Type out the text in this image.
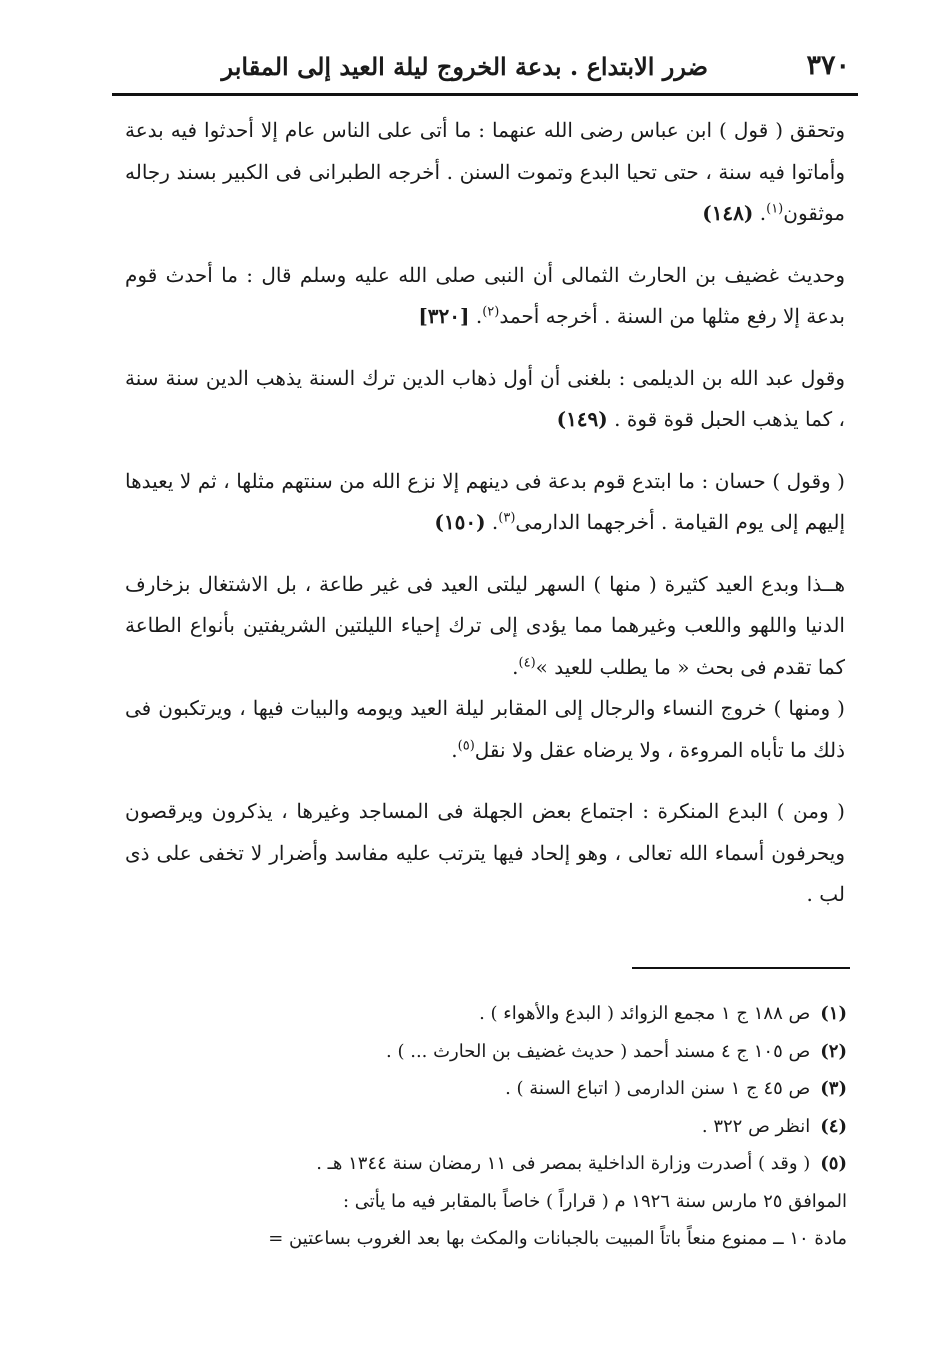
٣٧٠
ضرر الابتداع . بدعة الخروج ليلة العيد إلى المقابر

وتحقق ( قول ) ابن عباس رضى الله عنهما : ما أتى على الناس عام إلا أحدثوا فيه بدعة وأماتوا فيه سنة ، حتى تحيا البدع وتموت السنن . أخرجه الطبرانى فى الكبير بسند رجاله موثقون$^{(١)}$. (١٤٨)

وحديث غضيف بن الحارث الثمالى أن النبى صلى الله عليه وسلم قال : ما أحدث قوم بدعة إلا رفع مثلها من السنة . أخرجه أحمد$^{(٢)}$. [٣٢٠]

وقول عبد الله بن الديلمى : بلغنى أن أول ذهاب الدين ترك السنة يذهب الدين سنة سنة ، كما يذهب الحبل قوة قوة . (١٤٩)

( وقول ) حسان : ما ابتدع قوم بدعة فى دينهم إلا نزع الله من سنتهم مثلها ، ثم لا يعيدها إليهم إلى يوم القيامة . أخرجهما الدارمى$^{(٣)}$. (١٥٠)

هــذا وبدع العيد كثيرة ( منها ) السهر ليلتى العيد فى غير طاعة ، بل الاشتغال بزخارف الدنيا واللهو واللعب وغيرهما مما يؤدى إلى ترك إحياء الليلتين الشريفتين بأنواع الطاعة كما تقدم فى بحث « ما يطلب للعيد »$^{(٤)}$.

( ومنها ) خروج النساء والرجال إلى المقابر ليلة العيد ويومه والبيات فيها ، ويرتكبون فى ذلك ما تأباه المروءة ، ولا يرضاه عقل ولا نقل$^{(٥)}$.

( ومن ) البدع المنكرة : اجتماع بعض الجهلة فى المساجد وغيرها ، يذكرون ويرقصون ويحرفون أسماء الله تعالى ، وهو إلحاد فيها يترتب عليه مفاسد وأضرار لا تخفى على ذى لب .

(١)ص ١٨٨ ج ١ مجمع الزوائد ( البدع والأهواء ) .

(٢)ص ١٠٥ ج ٤ مسند أحمد ( حديث غضيف بن الحارث ... ) .

(٣)ص ٤٥ ج ١ سنن الدارمى ( اتباع السنة ) .

(٤)انظر ص ٣٢٢ .

(٥)( وقد ) أصدرت وزارة الداخلية بمصر فى ١١ رمضان سنة ١٣٤٤ هـ .

الموافق ٢٥ مارس سنة ١٩٢٦ م ( قراراً ) خاصاً بالمقابر فيه ما يأتى :

مادة ١٠ ــ ممنوع منعاً باتاً المبيت بالجبانات والمكث بها بعد الغروب بساعتين =
